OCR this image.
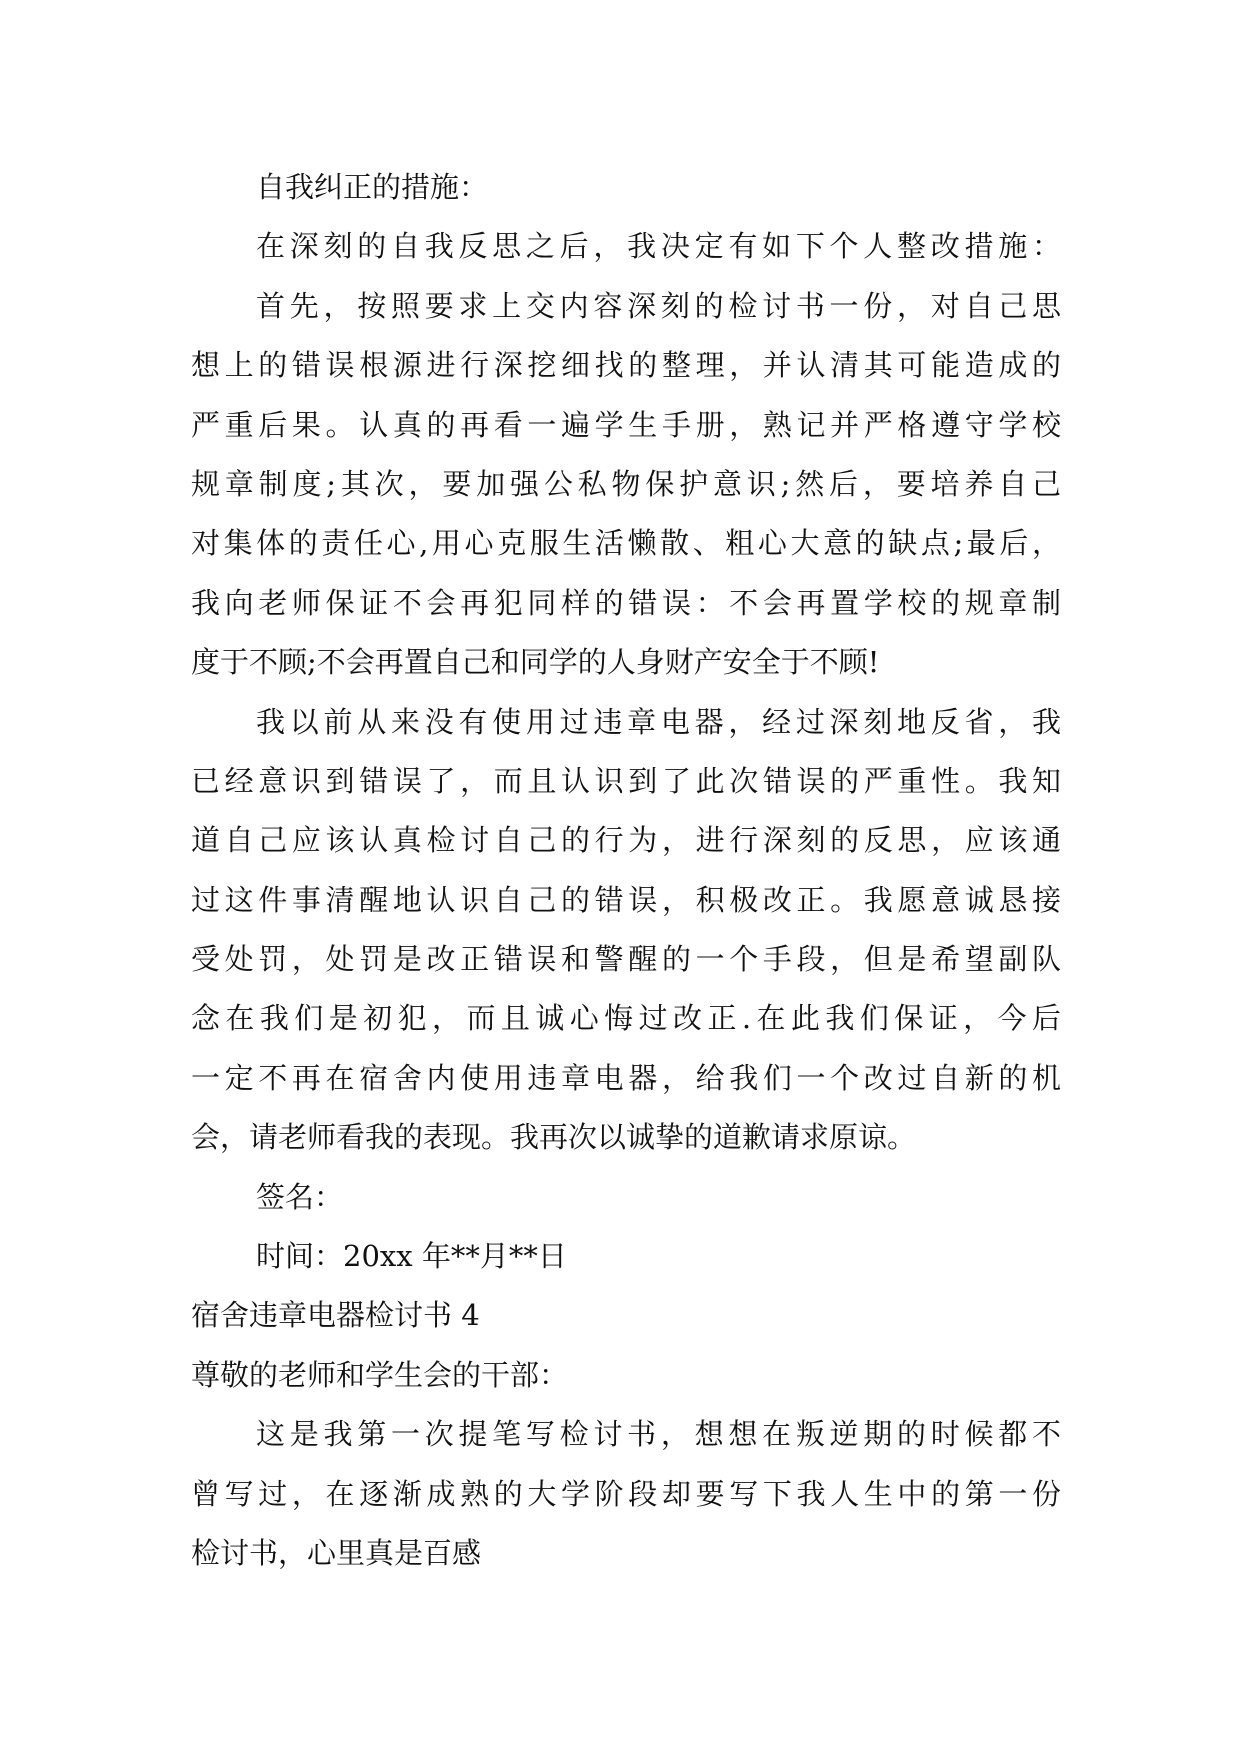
自我纠正的措施：
在深刻的自我反思之后，我决定有如下个人整改措施：
首先，按照要求上交内容深刻的检讨书一份，对自己思
想上的错误根源进行深挖细找的整理，并认清其可能造成的
严重后果。认真的再看一遍学生手册，熟记并严格遵守学校
规章制度;其次，要加强公私物保护意识;然后，要培养自己
对集体的责任心,用心克服生活懒散、粗心大意的缺点;最后，
我向老师保证不会再犯同样的错误：不会再置学校的规章制
度于不顾;不会再置自己和同学的人身财产安全于不顾!
我以前从来没有使用过违章电器，经过深刻地反省，我
已经意识到错误了，而且认识到了此次错误的严重性。我知
道自己应该认真检讨自己的行为，进行深刻的反思，应该通
过这件事清醒地认识自己的错误，积极改正。我愿意诚恳接
受处罚，处罚是改正错误和警醒的一个手段，但是希望副队
念在我们是初犯，而且诚心悔过改正.在此我们保证，今后
一定不再在宿舍内使用违章电器，给我们一个改过自新的机
会，请老师看我的表现。我再次以诚挚的道歉请求原谅。
签名：
时间：20xx 年**月**日
宿舍违章电器检讨书 4
尊敬的老师和学生会的干部：
这是我第一次提笔写检讨书，想想在叛逆期的时候都不
曾写过，在逐渐成熟的大学阶段却要写下我人生中的第一份
检讨书，心里真是百感
